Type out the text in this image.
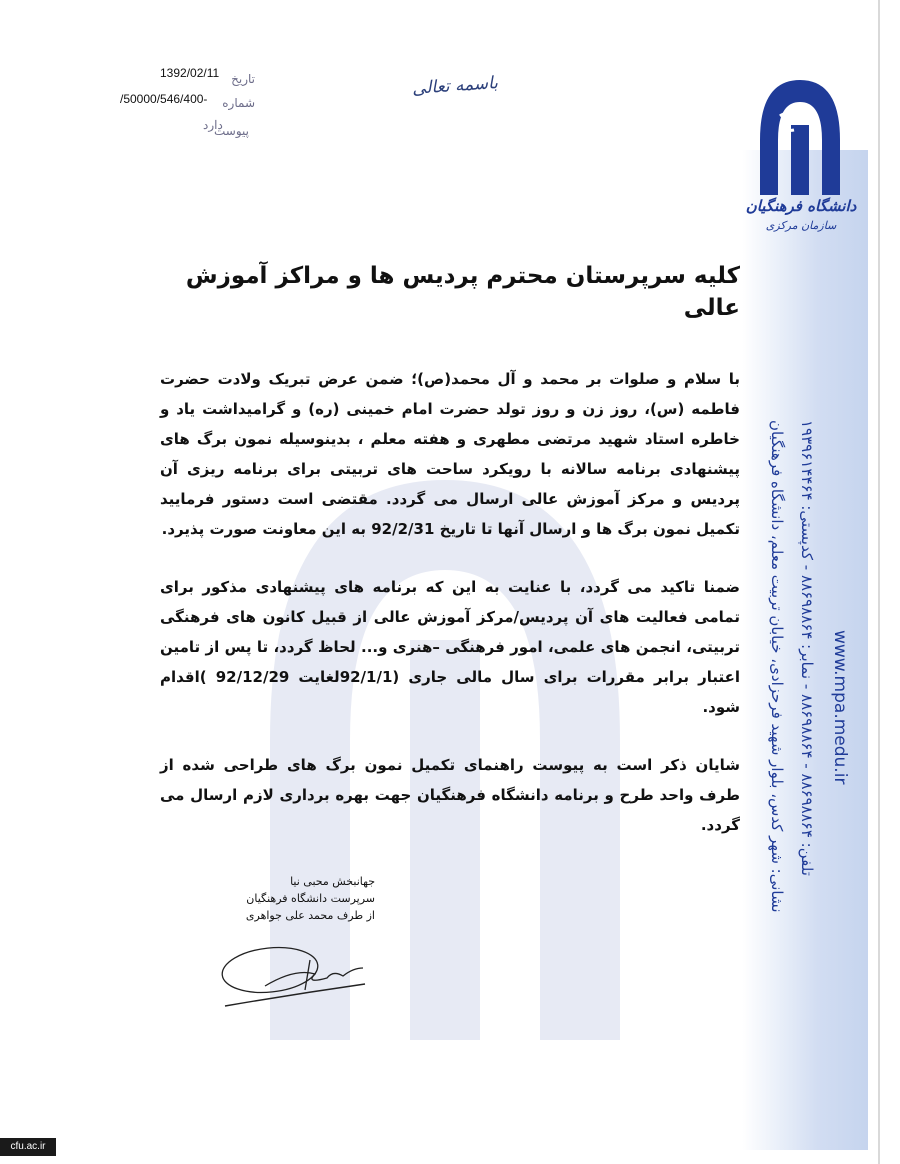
تاریخ
1392/02/11
شماره
/50000/546/400-
پیوست
دارد
باسمه تعالی
دانشگاه فرهنگیان
سازمان مرکزی
نشانی: شهر کدس، بلوار شهید فرحزادی، خیابان تربیت معلم، دانشگاه فرهنگیان تلفن: ۸۸۶۹۸۸۶۴ - ۸۸۶۹۸۸۶۴ - نمابر: ۸۸۶۹۸۸۶۴ - کدپستی: ۱۹۳۹۶۱۴۴۶۴
www.mpa.medu.ir
کلیه سرپرستان محترم پردیس ها و مراکز آموزش عالی

با سلام و صلوات بر محمد و آل محمد(ص)؛ ضمن عرض تبریک ولادت حضرت فاطمه (س)، روز زن و روز تولد حضرت امام خمینی (ره) و گرامیداشت یاد و خاطره استاد شهید مرتضی مطهری و هفته معلم ، بدینوسیله نمون برگ های پیشنهادی برنامه سالانه با رویکرد ساحت های تربیتی برای برنامه ریزی آن پردیس و مرکز آموزش عالی ارسال می گردد. مقتضی است دستور فرمایید تکمیل نمون برگ ها و ارسال آنها تا تاریخ 92/2/31 به این معاونت صورت پذیرد.

ضمنا تاکید می گردد، با عنایت به این که برنامه های پیشنهادی مذکور برای تمامی فعالیت های آن پردیس/مرکز آموزش عالی از قبیل کانون های فرهنگی تربیتی، انجمن های علمی، امور فرهنگی –هنری و... لحاظ گردد، تا پس از تامین اعتبار برابر مقررات برای سال مالی جاری (92/1/1لغایت 92/12/29 )اقدام شود.

شایان ذکر است به پیوست راهنمای تکمیل نمون برگ های طراحی شده از طرف واحد طرح و برنامه دانشگاه فرهنگیان جهت بهره برداری لازم ارسال می گردد.

جهانبخش محبی نیا
سرپرست دانشگاه فرهنگیان
از طرف محمد علی جواهری
cfu.ac.ir
